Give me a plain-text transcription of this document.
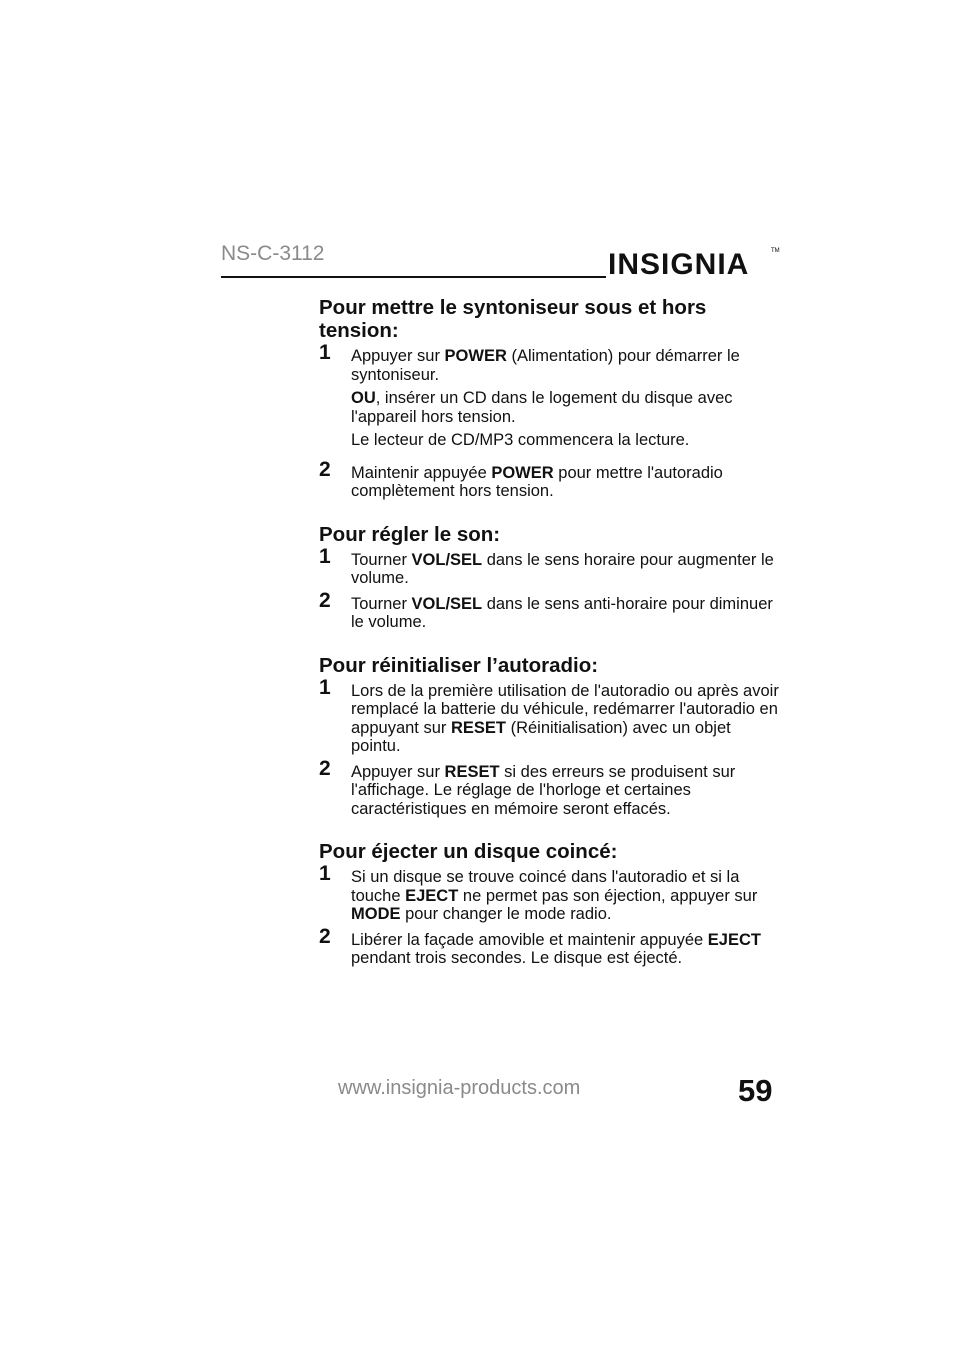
NS-C-3112	INSIGNIA	TM
Pour mettre le syntoniseur sous et hors tension:
1 Appuyer sur POWER (Alimentation) pour démarrer le syntoniseur.

OU, insérer un CD dans le logement du disque avec l'appareil hors tension.

Le lecteur de CD/MP3 commencera la lecture.

2 Maintenir appuyée POWER pour mettre l'autoradio complètement hors tension.

Pour régler le son:
1 Tourner VOL/SEL dans le sens horaire pour augmenter le volume.

2 Tourner VOL/SEL dans le sens anti-horaire pour diminuer le volume.

Pour réinitialiser l’autoradio:
1 Lors de la première utilisation de l'autoradio ou après avoir remplacé la batterie du véhicule, redémarrer l'autoradio en appuyant sur RESET (Réinitialisation) avec un objet pointu.

2 Appuyer sur RESET si des erreurs se produisent sur l'affichage. Le réglage de l'horloge et certaines caractéristiques en mémoire seront effacés.

Pour éjecter un disque coincé:
1 Si un disque se trouve coincé dans l'autoradio et si la touche EJECT ne permet pas son éjection, appuyer sur MODE pour changer le mode radio.

2 Libérer la façade amovible et maintenir appuyée EJECT pendant trois secondes. Le disque est éjecté.

www.insignia-products.com	59
